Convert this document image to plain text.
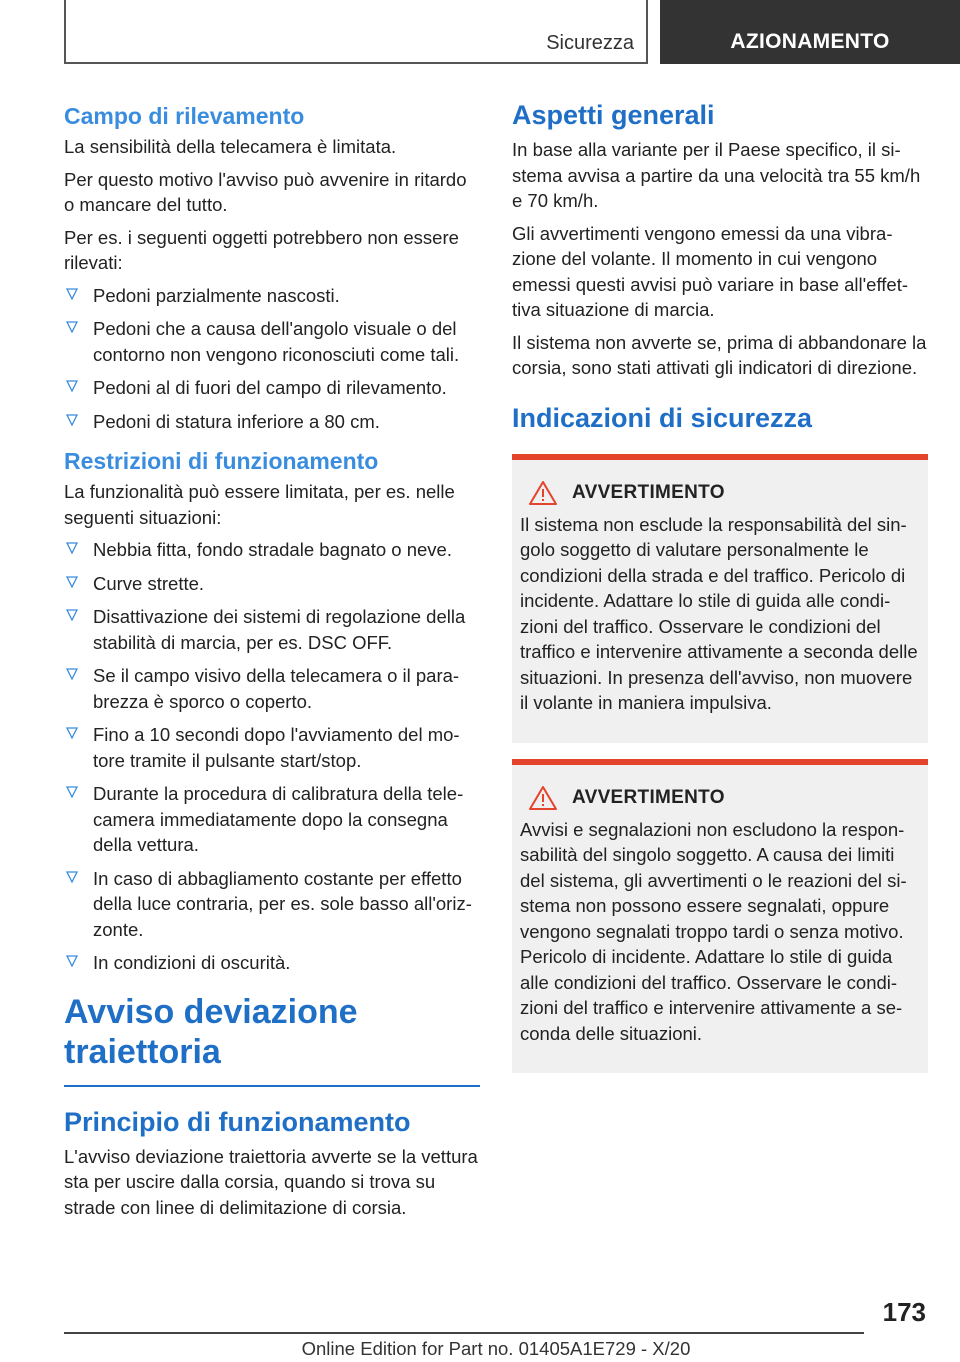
Sicurezza	AZIONAMENTO
Campo di rilevamento

La sensibilità della telecamera è limitata.

Per questo motivo l'avviso può avvenire in ritardo o mancare del tutto.

Per es. i seguenti oggetti potrebbero non essere rilevati:

Pedoni parzialmente nascosti.
Pedoni che a causa dell'angolo visuale o del contorno non vengono riconosciuti come tali.
Pedoni al di fuori del campo di rilevamento.
Pedoni di statura inferiore a 80 cm.
Restrizioni di funzionamento

La funzionalità può essere limitata, per es. nelle seguenti situazioni:

Nebbia fitta, fondo stradale bagnato o neve.
Curve strette.
Disattivazione dei sistemi di regolazione della stabilità di marcia, per es. DSC OFF.
Se il campo visivo della telecamera o il parabrezza è sporco o coperto.
Fino a 10 secondi dopo l'avviamento del motore tramite il pulsante start/stop.
Durante la procedura di calibratura della telecamera immediatamente dopo la consegna della vettura.
In caso di abbagliamento costante per effetto della luce contraria, per es. sole basso all'orizzonte.
In condizioni di oscurità.
Avviso deviazione traiettoria
Principio di funzionamento

L'avviso deviazione traiettoria avverte se la vettura sta per uscire dalla corsia, quando si trova su strade con linee di delimitazione di corsia.

Aspetti generali

In base alla variante per il Paese specifico, il sistema avvisa a partire da una velocità tra 55 km/h e 70 km/h.

Gli avvertimenti vengono emessi da una vibrazione del volante. Il momento in cui vengono emessi questi avvisi può variare in base all'effettiva situazione di marcia.

Il sistema non avverte se, prima di abbandonare la corsia, sono stati attivati gli indicatori di direzione.

Indicazioni di sicurezza
AVVERTIMENTO

Il sistema non esclude la responsabilità del singolo soggetto di valutare personalmente le condizioni della strada e del traffico. Pericolo di incidente. Adattare lo stile di guida alle condizioni del traffico. Osservare le condizioni del traffico e intervenire attivamente a seconda delle situazioni. In presenza dell'avviso, non muovere il volante in maniera impulsiva.

AVVERTIMENTO

Avvisi e segnalazioni non escludono la responsabilità del singolo soggetto. A causa dei limiti del sistema, gli avvertimenti o le reazioni del sistema non possono essere segnalati, oppure vengono segnalati troppo tardi o senza motivo. Pericolo di incidente. Adattare lo stile di guida alle condizioni del traffico. Osservare le condizioni del traffico e intervenire attivamente a seconda delle situazioni.

173
Online Edition for Part no. 01405A1E729 - X/20
